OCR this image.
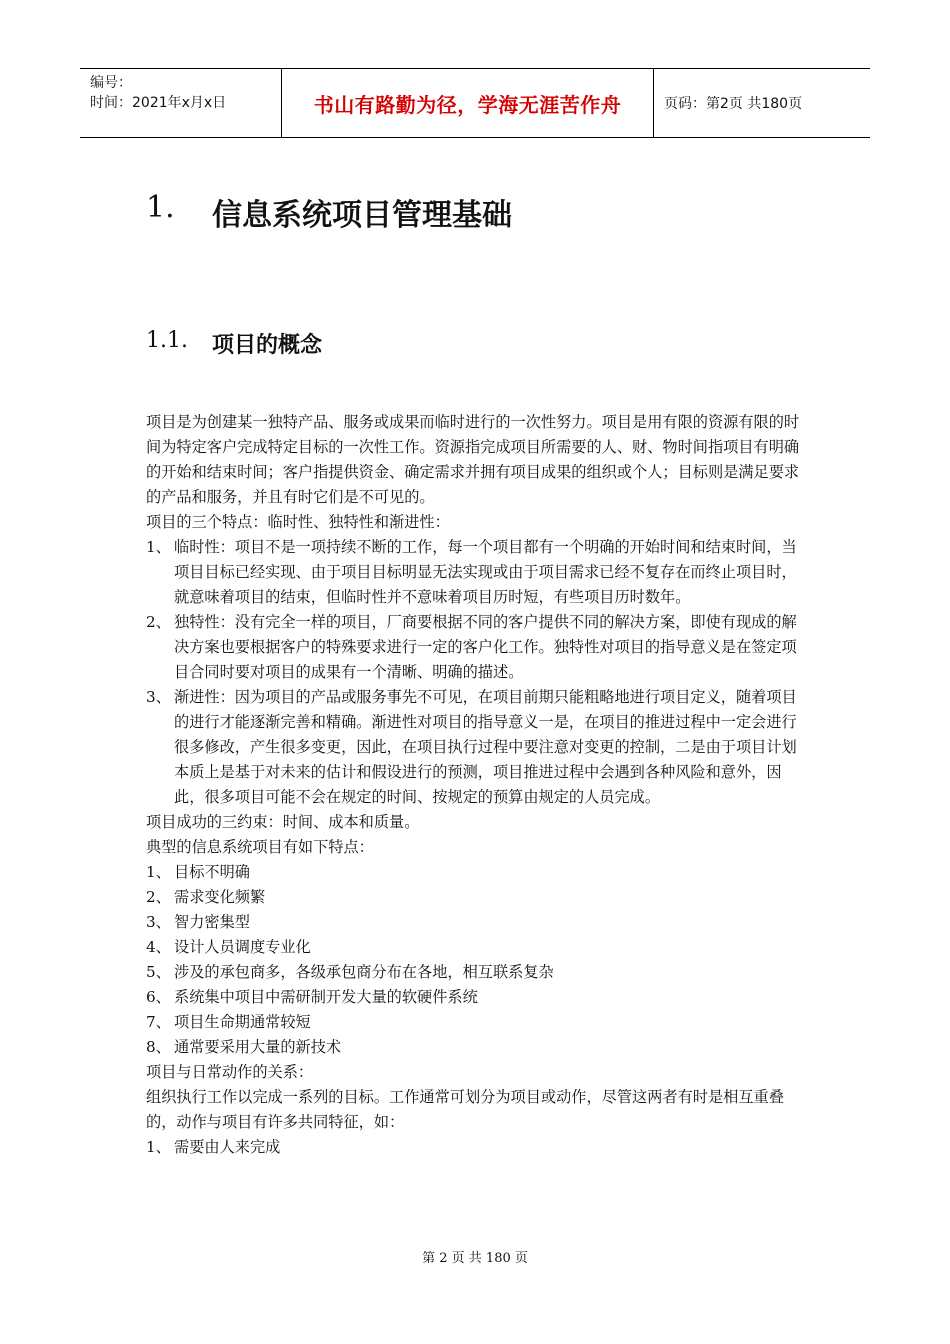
编号：
时间：2021年x月x日	书山有路勤为径，学海无涯苦作舟	页码：第2页 共180页
1.	信息系统项目管理基础
1.1.	项目的概念

项目是为创建某一独特产品、服务或成果而临时进行的一次性努力。项目是用有限的资源有限的时间为特定客户完成特定目标的一次性工作。资源指完成项目所需要的人、财、物时间指项目有明确的开始和结束时间；客户指提供资金、确定需求并拥有项目成果的组织或个人；目标则是满足要求的产品和服务，并且有时它们是不可见的。

项目的三个特点：临时性、独特性和渐进性：

1、 临时性：项目不是一项持续不断的工作，每一个项目都有一个明确的开始时间和结束时间，当项目目标已经实现、由于项目目标明显无法实现或由于项目需求已经不复存在而终止项目时，就意味着项目的结束，但临时性并不意味着项目历时短，有些项目历时数年。
2、 独特性：没有完全一样的项目，厂商要根据不同的客户提供不同的解决方案，即使有现成的解决方案也要根据客户的特殊要求进行一定的客户化工作。独特性对项目的指导意义是在签定项目合同时要对项目的成果有一个清晰、明确的描述。
3、 渐进性：因为项目的产品或服务事先不可见，在项目前期只能粗略地进行项目定义，随着项目的进行才能逐渐完善和精确。渐进性对项目的指导意义一是，在项目的推进过程中一定会进行很多修改，产生很多变更，因此，在项目执行过程中要注意对变更的控制，二是由于项目计划本质上是基于对未来的估计和假设进行的预测，项目推进过程中会遇到各种风险和意外，因此，很多项目可能不会在规定的时间、按规定的预算由规定的人员完成。

项目成功的三约束：时间、成本和质量。

典型的信息系统项目有如下特点：

1、 目标不明确
2、 需求变化频繁
3、 智力密集型
4、 设计人员调度专业化
5、 涉及的承包商多，各级承包商分布在各地，相互联系复杂
6、 系统集中项目中需研制开发大量的软硬件系统
7、 项目生命期通常较短
8、 通常要采用大量的新技术

项目与日常动作的关系：

组织执行工作以完成一系列的目标。工作通常可划分为项目或动作，尽管这两者有时是相互重叠的，动作与项目有许多共同特征，如：

1、 需要由人来完成
第 2 页 共 180 页
